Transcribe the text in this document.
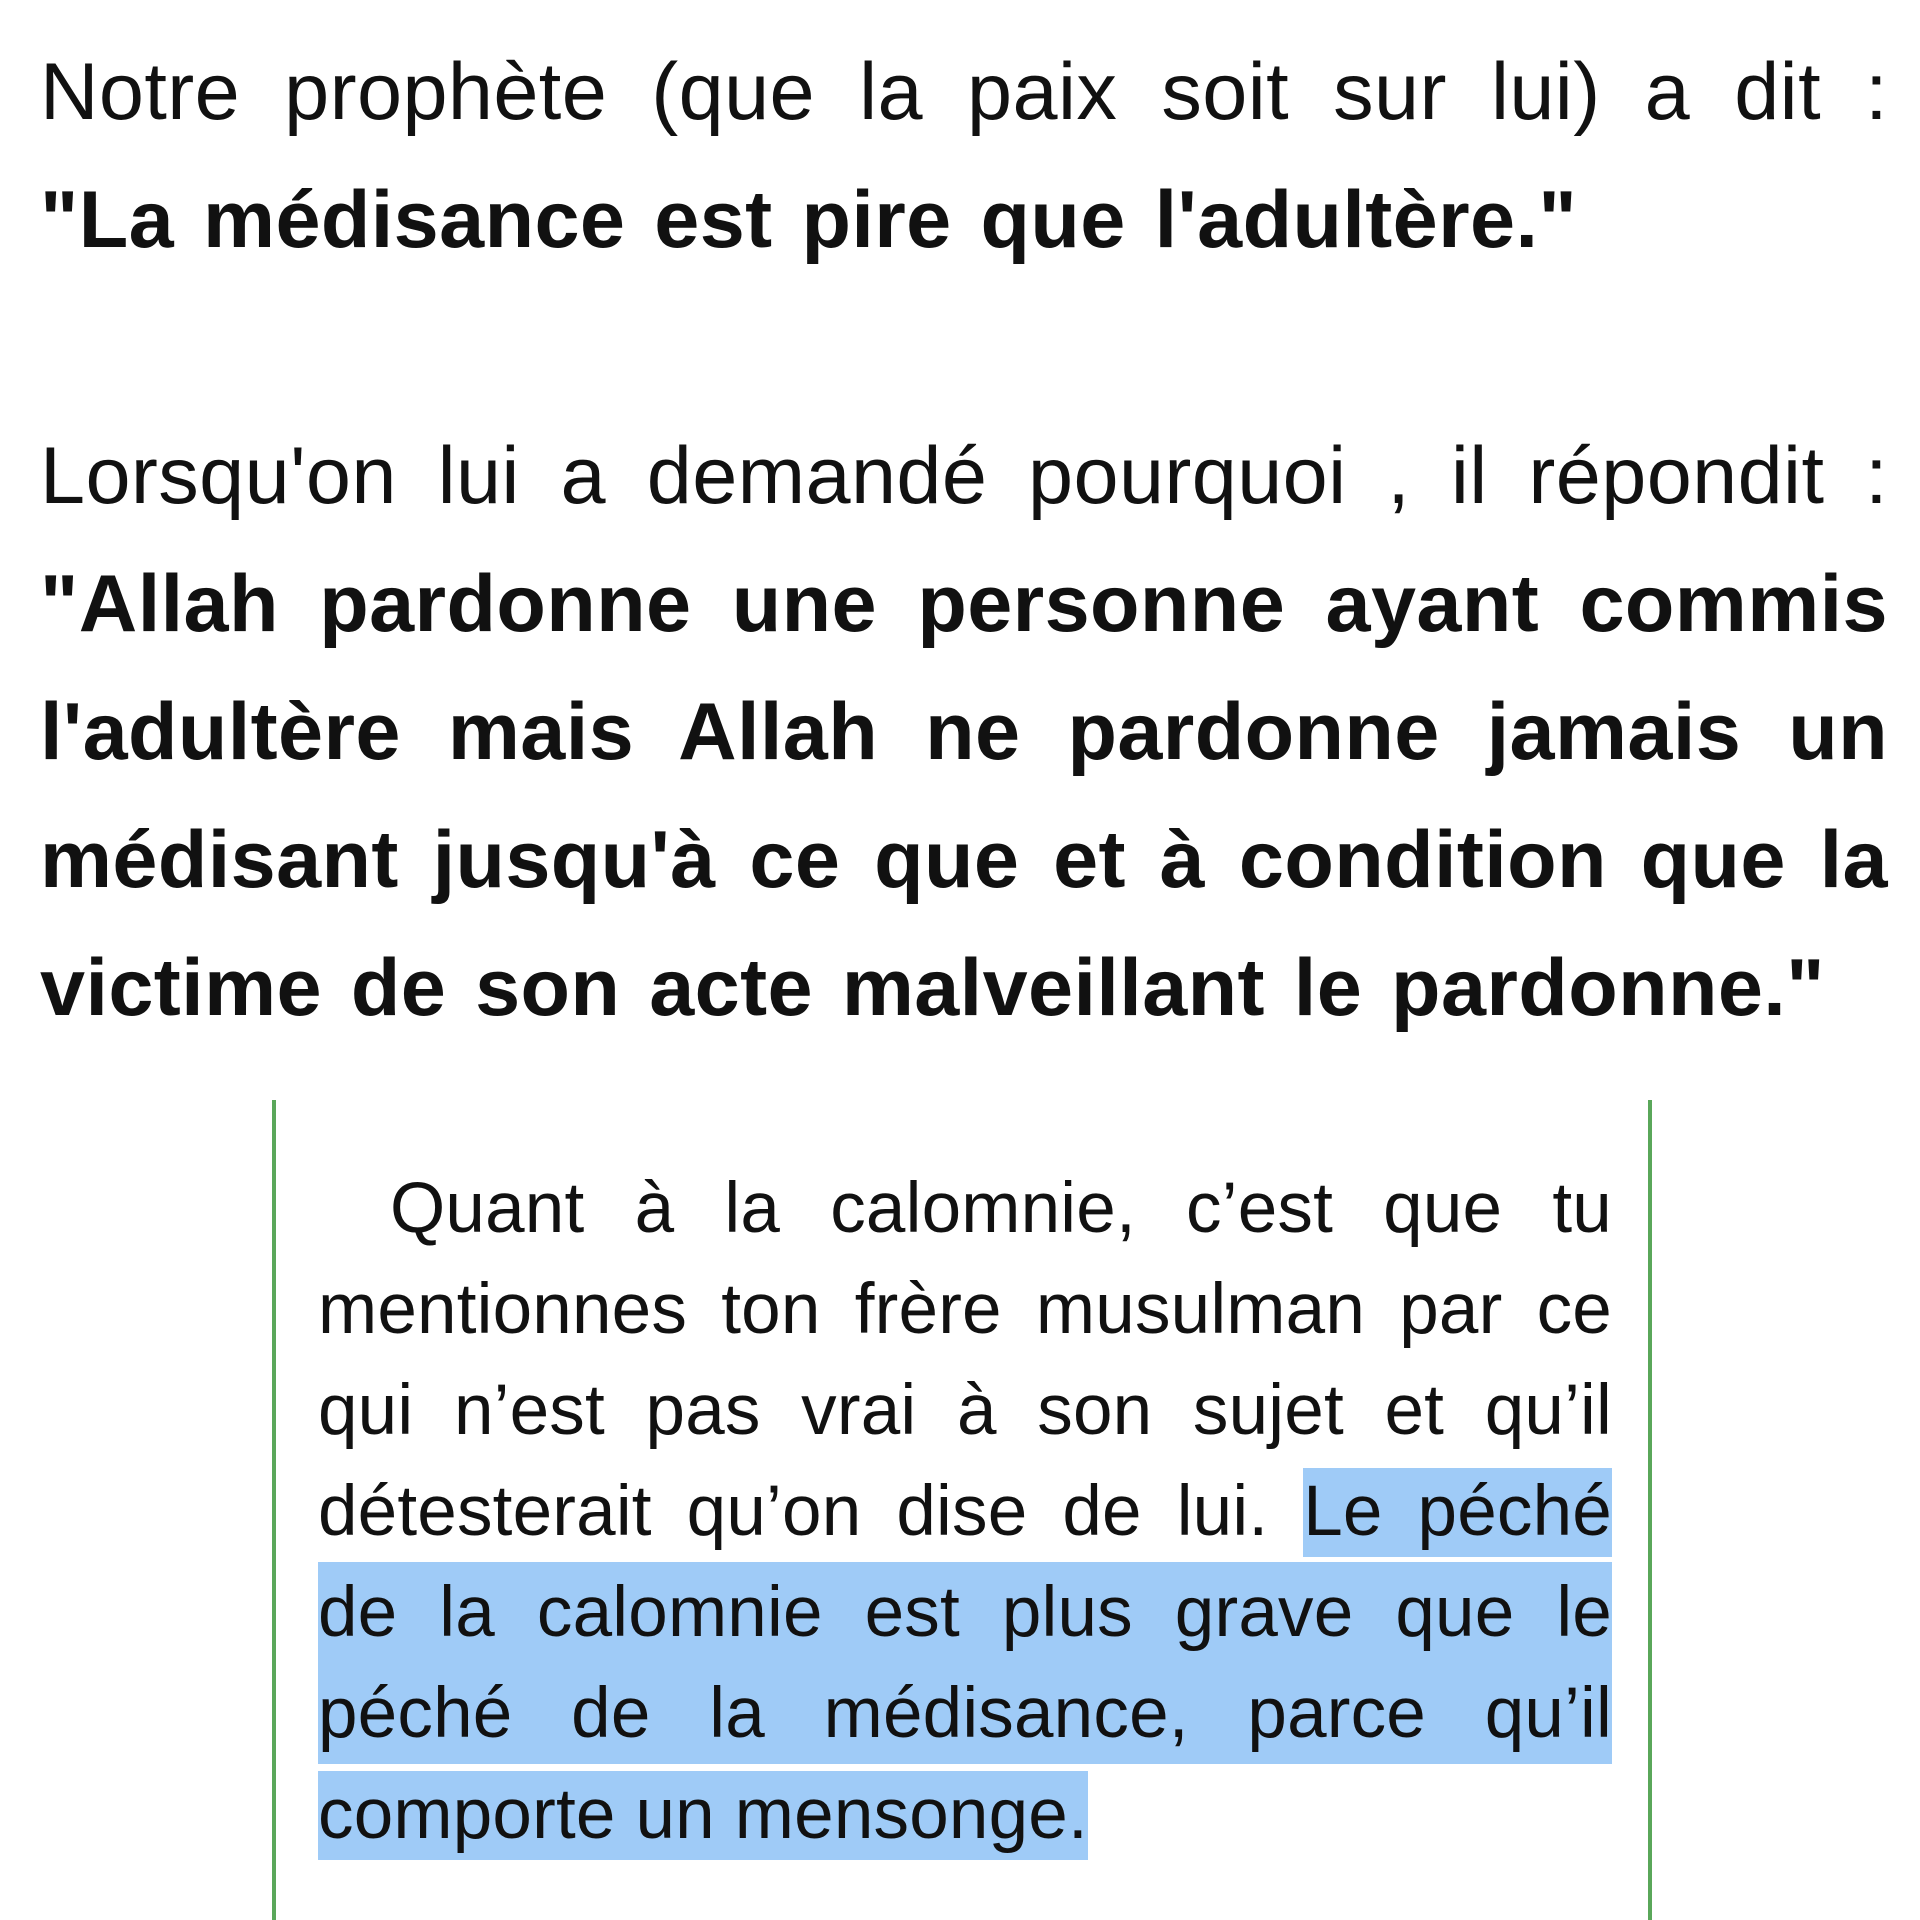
Notre prophète (que la paix soit sur lui) a dit :
"La médisance est pire que l'adultère."
Lorsqu'on lui a demandé pourquoi , il répondit :
"Allah pardonne une personne ayant commis
l'adultère mais Allah ne pardonne jamais un
médisant jusqu'à ce que et à condition que la
victime de son acte malveillant le pardonne."
Quant à la calomnie, c’est que tu
mentionnes ton frère musulman par ce
qui n’est pas vrai à son sujet et qu’il
détesterait qu’on dise de lui. Le péché
de la calomnie est plus grave que le
péché de la médisance, parce qu’il
comporte un mensonge.
